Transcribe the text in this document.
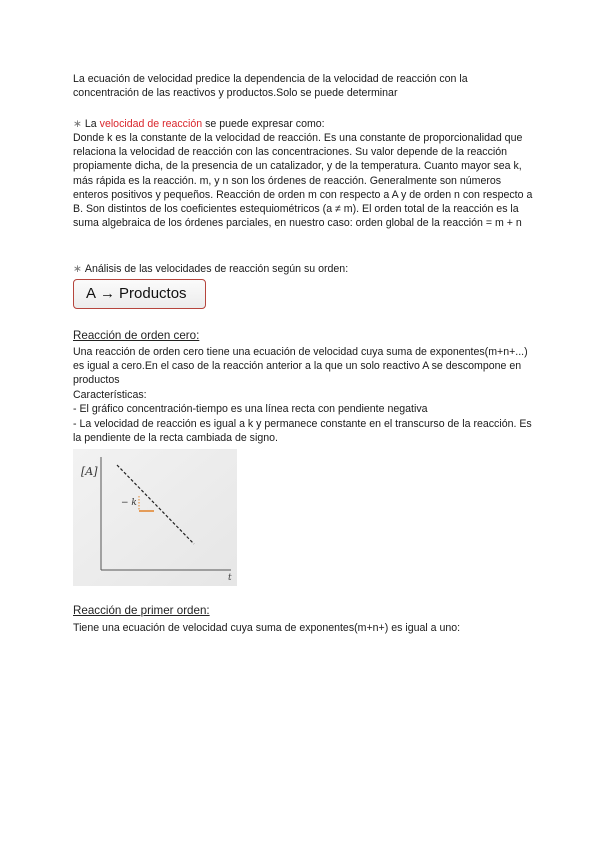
La ecuación de velocidad predice la dependencia de la velocidad de reacción con la concentración de las reactivos y productos.Solo se puede determinar

∗ La velocidad de reacción se puede expresar como:

Donde k es la constante de la velocidad de reacción. Es una constante de proporcionalidad que relaciona la velocidad de reacción con las concentraciones. Su valor depende de la reacción propiamente dicha, de la presencia de un catalizador, y de la temperatura. Cuanto mayor sea k, más rápida es la reacción. m, y n son los órdenes de reacción. Generalmente son números enteros positivos y pequeños. Reacción de orden m con respecto a A y de orden n con respecto a B. Son distintos de los coeficientes estequiométricos (a ≠ m). El orden total de la reacción es la suma algebraica de los órdenes parciales, en nuestro caso: orden global de la reacción = m + n

∗ Análisis de las velocidades de reacción según su orden:

A → Productos

Reacción de orden cero:

Una reacción de orden cero tiene una ecuación de velocidad cuya suma de exponentes(m+n+...) es igual a cero.En el caso de la reacción anterior a la que un solo reactivo A se descompone en productos

Características:

- El gráfico concentración-tiempo es una línea recta con pendiente negativa

- La velocidad de reacción es igual a k y permanece constante en el transcurso de la reacción. Es la pendiente de la recta cambiada de signo.

[A]
t
− k

Reacción de primer orden:

Tiene una ecuación de velocidad cuya suma de exponentes(m+n+) es igual a uno:
